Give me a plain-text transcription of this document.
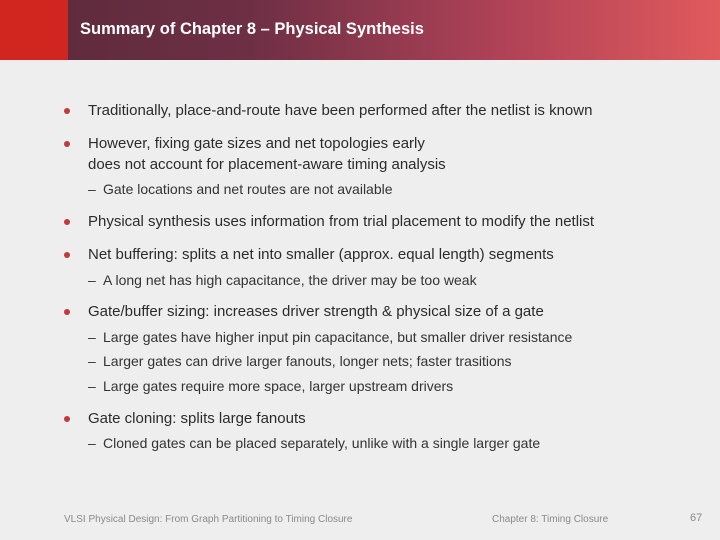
Summary of Chapter 8 – Physical Synthesis
Traditionally, place-and-route have been performed after the netlist is known
However, fixing gate sizes and net topologies early
does not account for placement-aware timing analysis
– Gate locations and net routes are not available
Physical synthesis uses information from trial placement to modify the netlist
Net buffering: splits a net into smaller (approx. equal length) segments
– A long net has high capacitance, the driver may be too weak
Gate/buffer sizing: increases driver strength & physical size of a gate
– Large gates have higher input pin capacitance, but smaller driver resistance
– Larger gates can drive larger fanouts, longer nets; faster trasitions
– Large gates require more space, larger upstream drivers
Gate cloning: splits large fanouts
– Cloned gates can be placed separately, unlike with a single larger gate
VLSI Physical Design: From Graph Partitioning to Timing Closure	Chapter 8: Timing Closure	67
